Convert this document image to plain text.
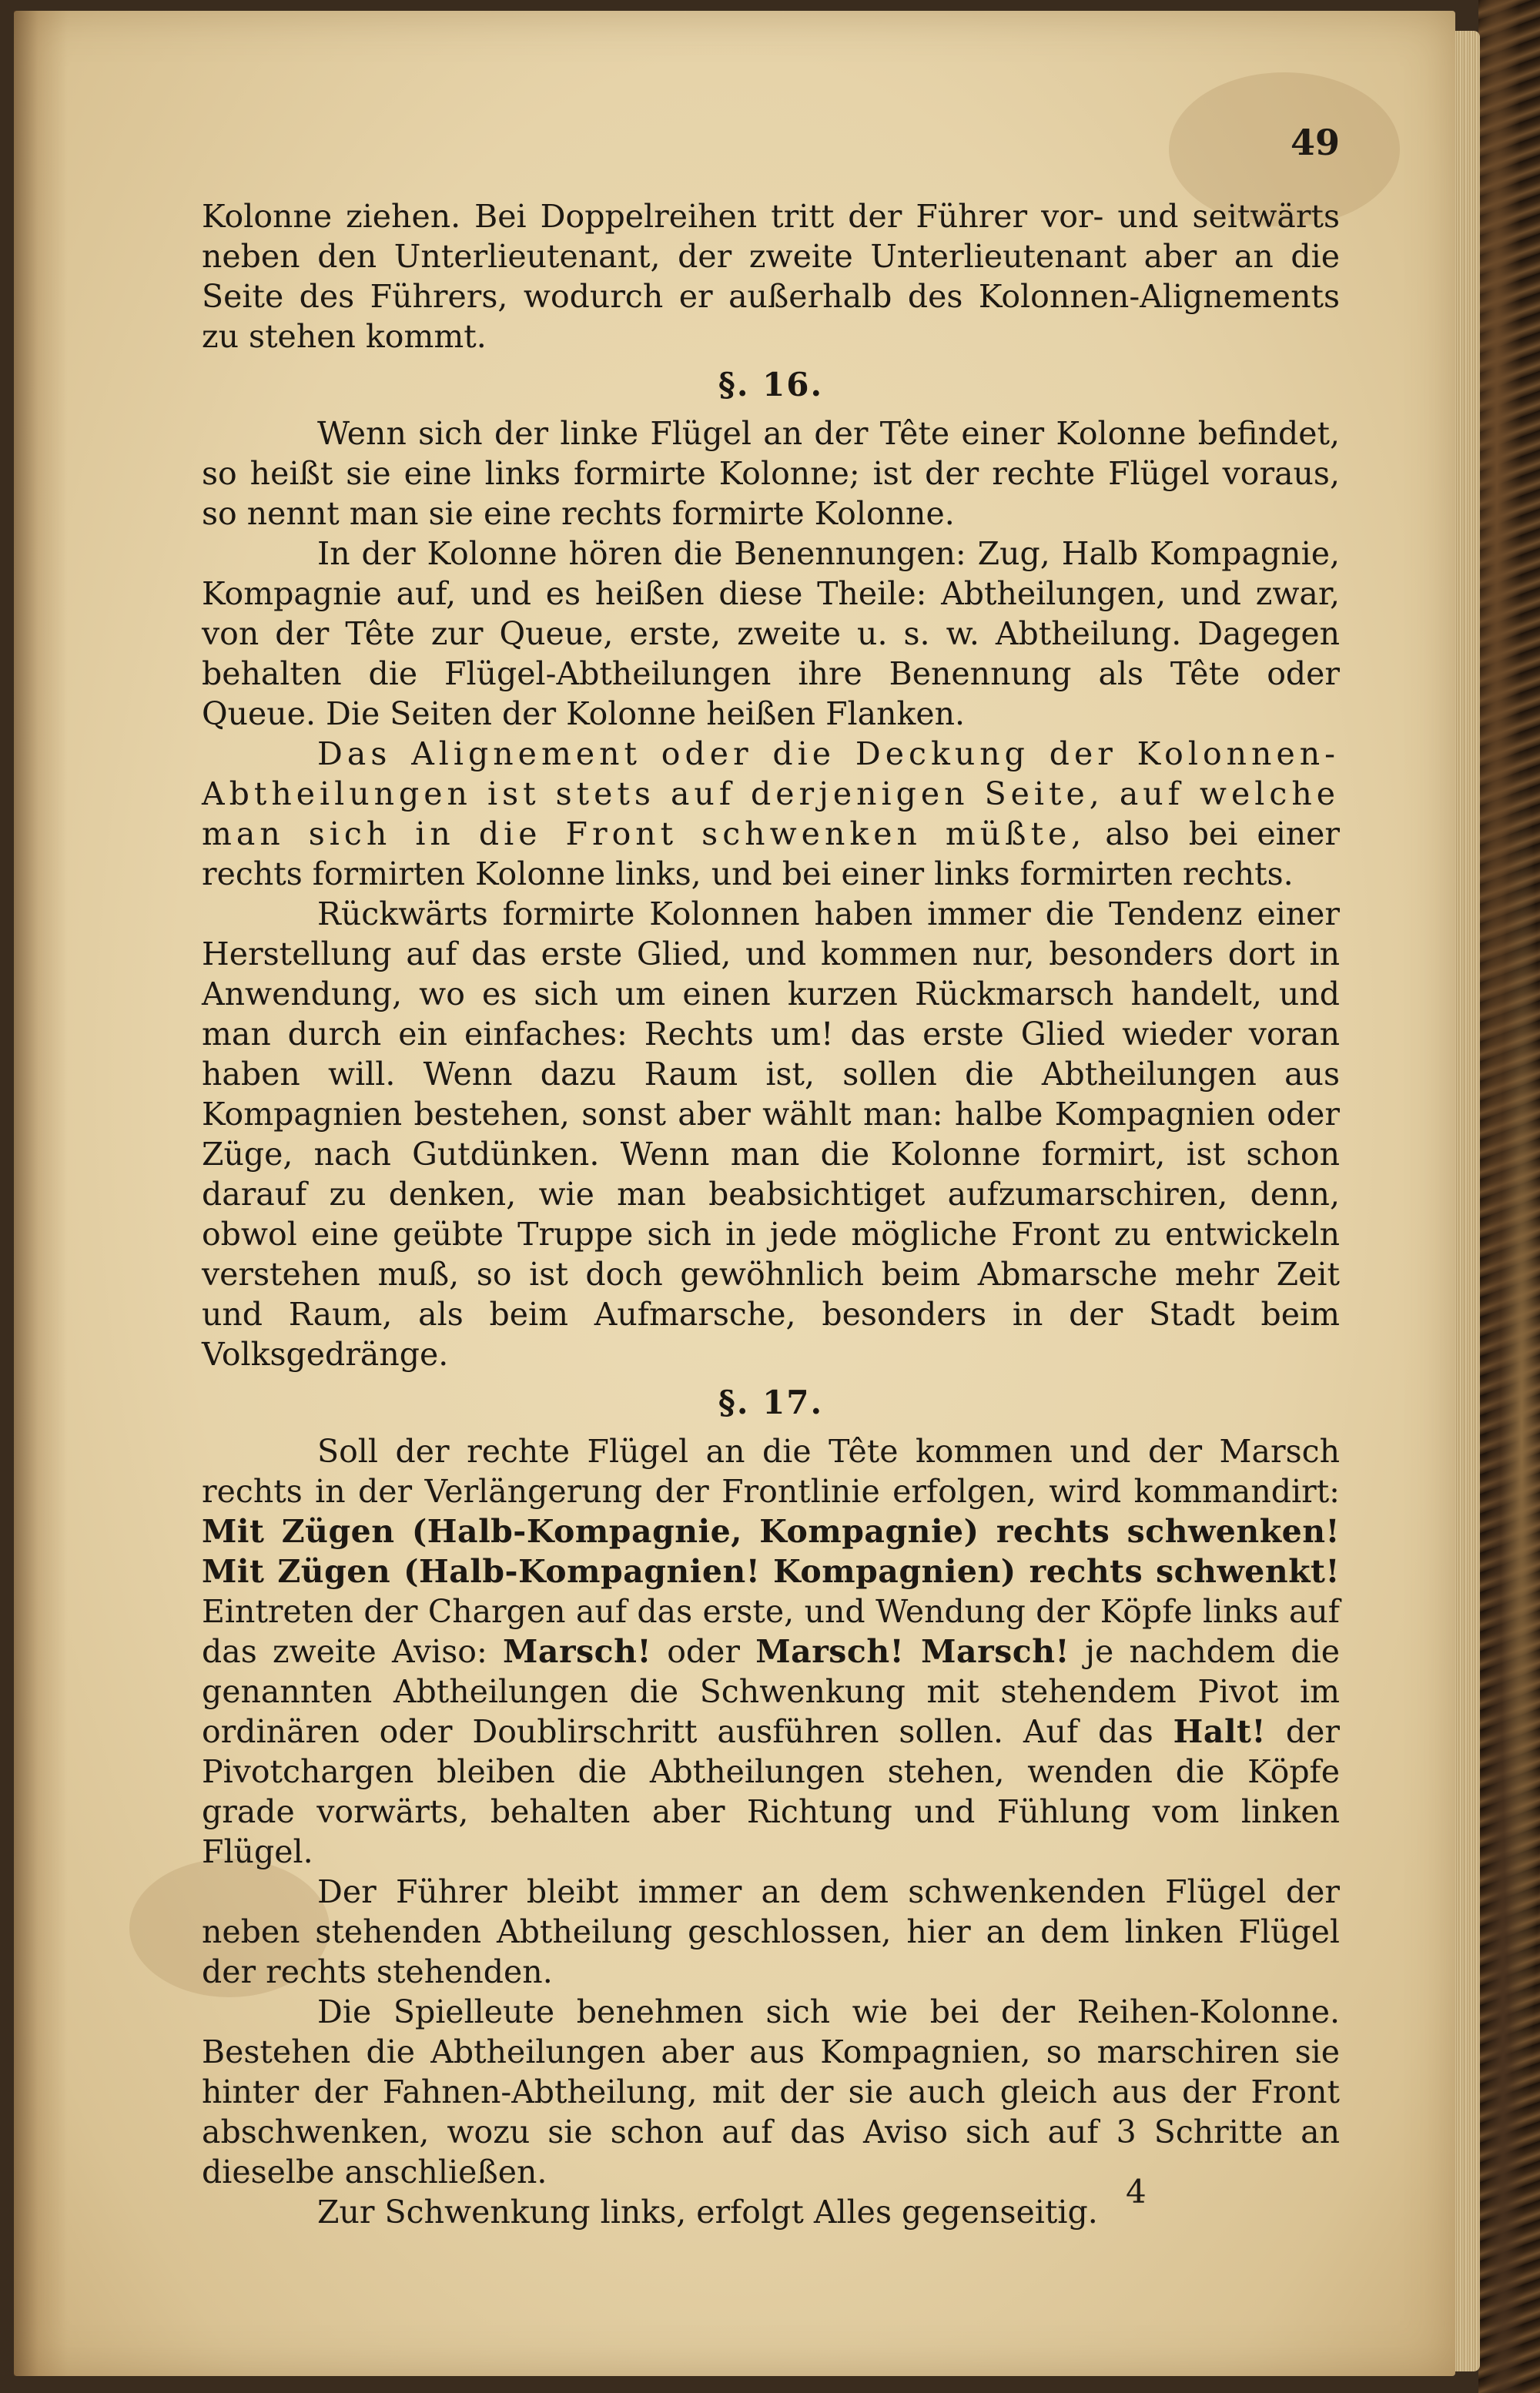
49

Kolonne ziehen. Bei Doppelreihen tritt der Führer vor- und seitwärts neben den Unterlieutenant, der zweite Unterlieutenant aber an die Seite des Führers, wodurch er außerhalb des Kolonnen-Alignements zu stehen kommt.

§. 16.

Wenn sich der linke Flügel an der Tête einer Kolonne befindet, so heißt sie eine links formirte Kolonne; ist der rechte Flügel voraus, so nennt man sie eine rechts formirte Kolonne.

In der Kolonne hören die Benennungen: Zug, Halb Kompagnie, Kompagnie auf, und es heißen diese Theile: Abtheilungen, und zwar, von der Tête zur Queue, erste, zweite u. s. w. Abtheilung. Dagegen behalten die Flügel-Abtheilungen ihre Benennung als Tête oder Queue. Die Seiten der Kolonne heißen Flanken.

Das Alignement oder die Deckung der Kolonnen-Abtheilungen ist stets auf derjenigen Seite, auf welche man sich in die Front schwenken müßte, also bei einer rechts formirten Kolonne links, und bei einer links formirten rechts.

Rückwärts formirte Kolonnen haben immer die Tendenz einer Herstellung auf das erste Glied, und kommen nur, besonders dort in Anwendung, wo es sich um einen kurzen Rückmarsch handelt, und man durch ein einfaches: Rechts um! das erste Glied wieder voran haben will. Wenn dazu Raum ist, sollen die Abtheilungen aus Kompagnien bestehen, sonst aber wählt man: halbe Kompagnien oder Züge, nach Gutdünken. Wenn man die Kolonne formirt, ist schon darauf zu denken, wie man beabsichtiget aufzumarschiren, denn, obwol eine geübte Truppe sich in jede mögliche Front zu entwickeln verstehen muß, so ist doch gewöhnlich beim Abmarsche mehr Zeit und Raum, als beim Aufmarsche, besonders in der Stadt beim Volksgedränge.

§. 17.

Soll der rechte Flügel an die Tête kommen und der Marsch rechts in der Verlängerung der Frontlinie erfolgen, wird kommandirt: Mit Zügen (Halb-Kompagnie, Kompagnie) rechts schwenken! Mit Zügen (Halb-Kompagnien! Kompagnien) rechts schwenkt! Eintreten der Chargen auf das erste, und Wendung der Köpfe links auf das zweite Aviso: Marsch! oder Marsch! Marsch! je nachdem die genannten Abtheilungen die Schwenkung mit stehendem Pivot im ordinären oder Doublirschritt ausführen sollen. Auf das Halt! der Pivotchargen bleiben die Abtheilungen stehen, wenden die Köpfe grade vorwärts, behalten aber Richtung und Fühlung vom linken Flügel.

Der Führer bleibt immer an dem schwenkenden Flügel der neben stehenden Abtheilung geschlossen, hier an dem linken Flügel der rechts stehenden.

Die Spielleute benehmen sich wie bei der Reihen-Kolonne. Bestehen die Abtheilungen aber aus Kompagnien, so marschiren sie hinter der Fahnen-Abtheilung, mit der sie auch gleich aus der Front abschwenken, wozu sie schon auf das Aviso sich auf 3 Schritte an dieselbe anschließen.

Zur Schwenkung links, erfolgt Alles gegenseitig.

4
